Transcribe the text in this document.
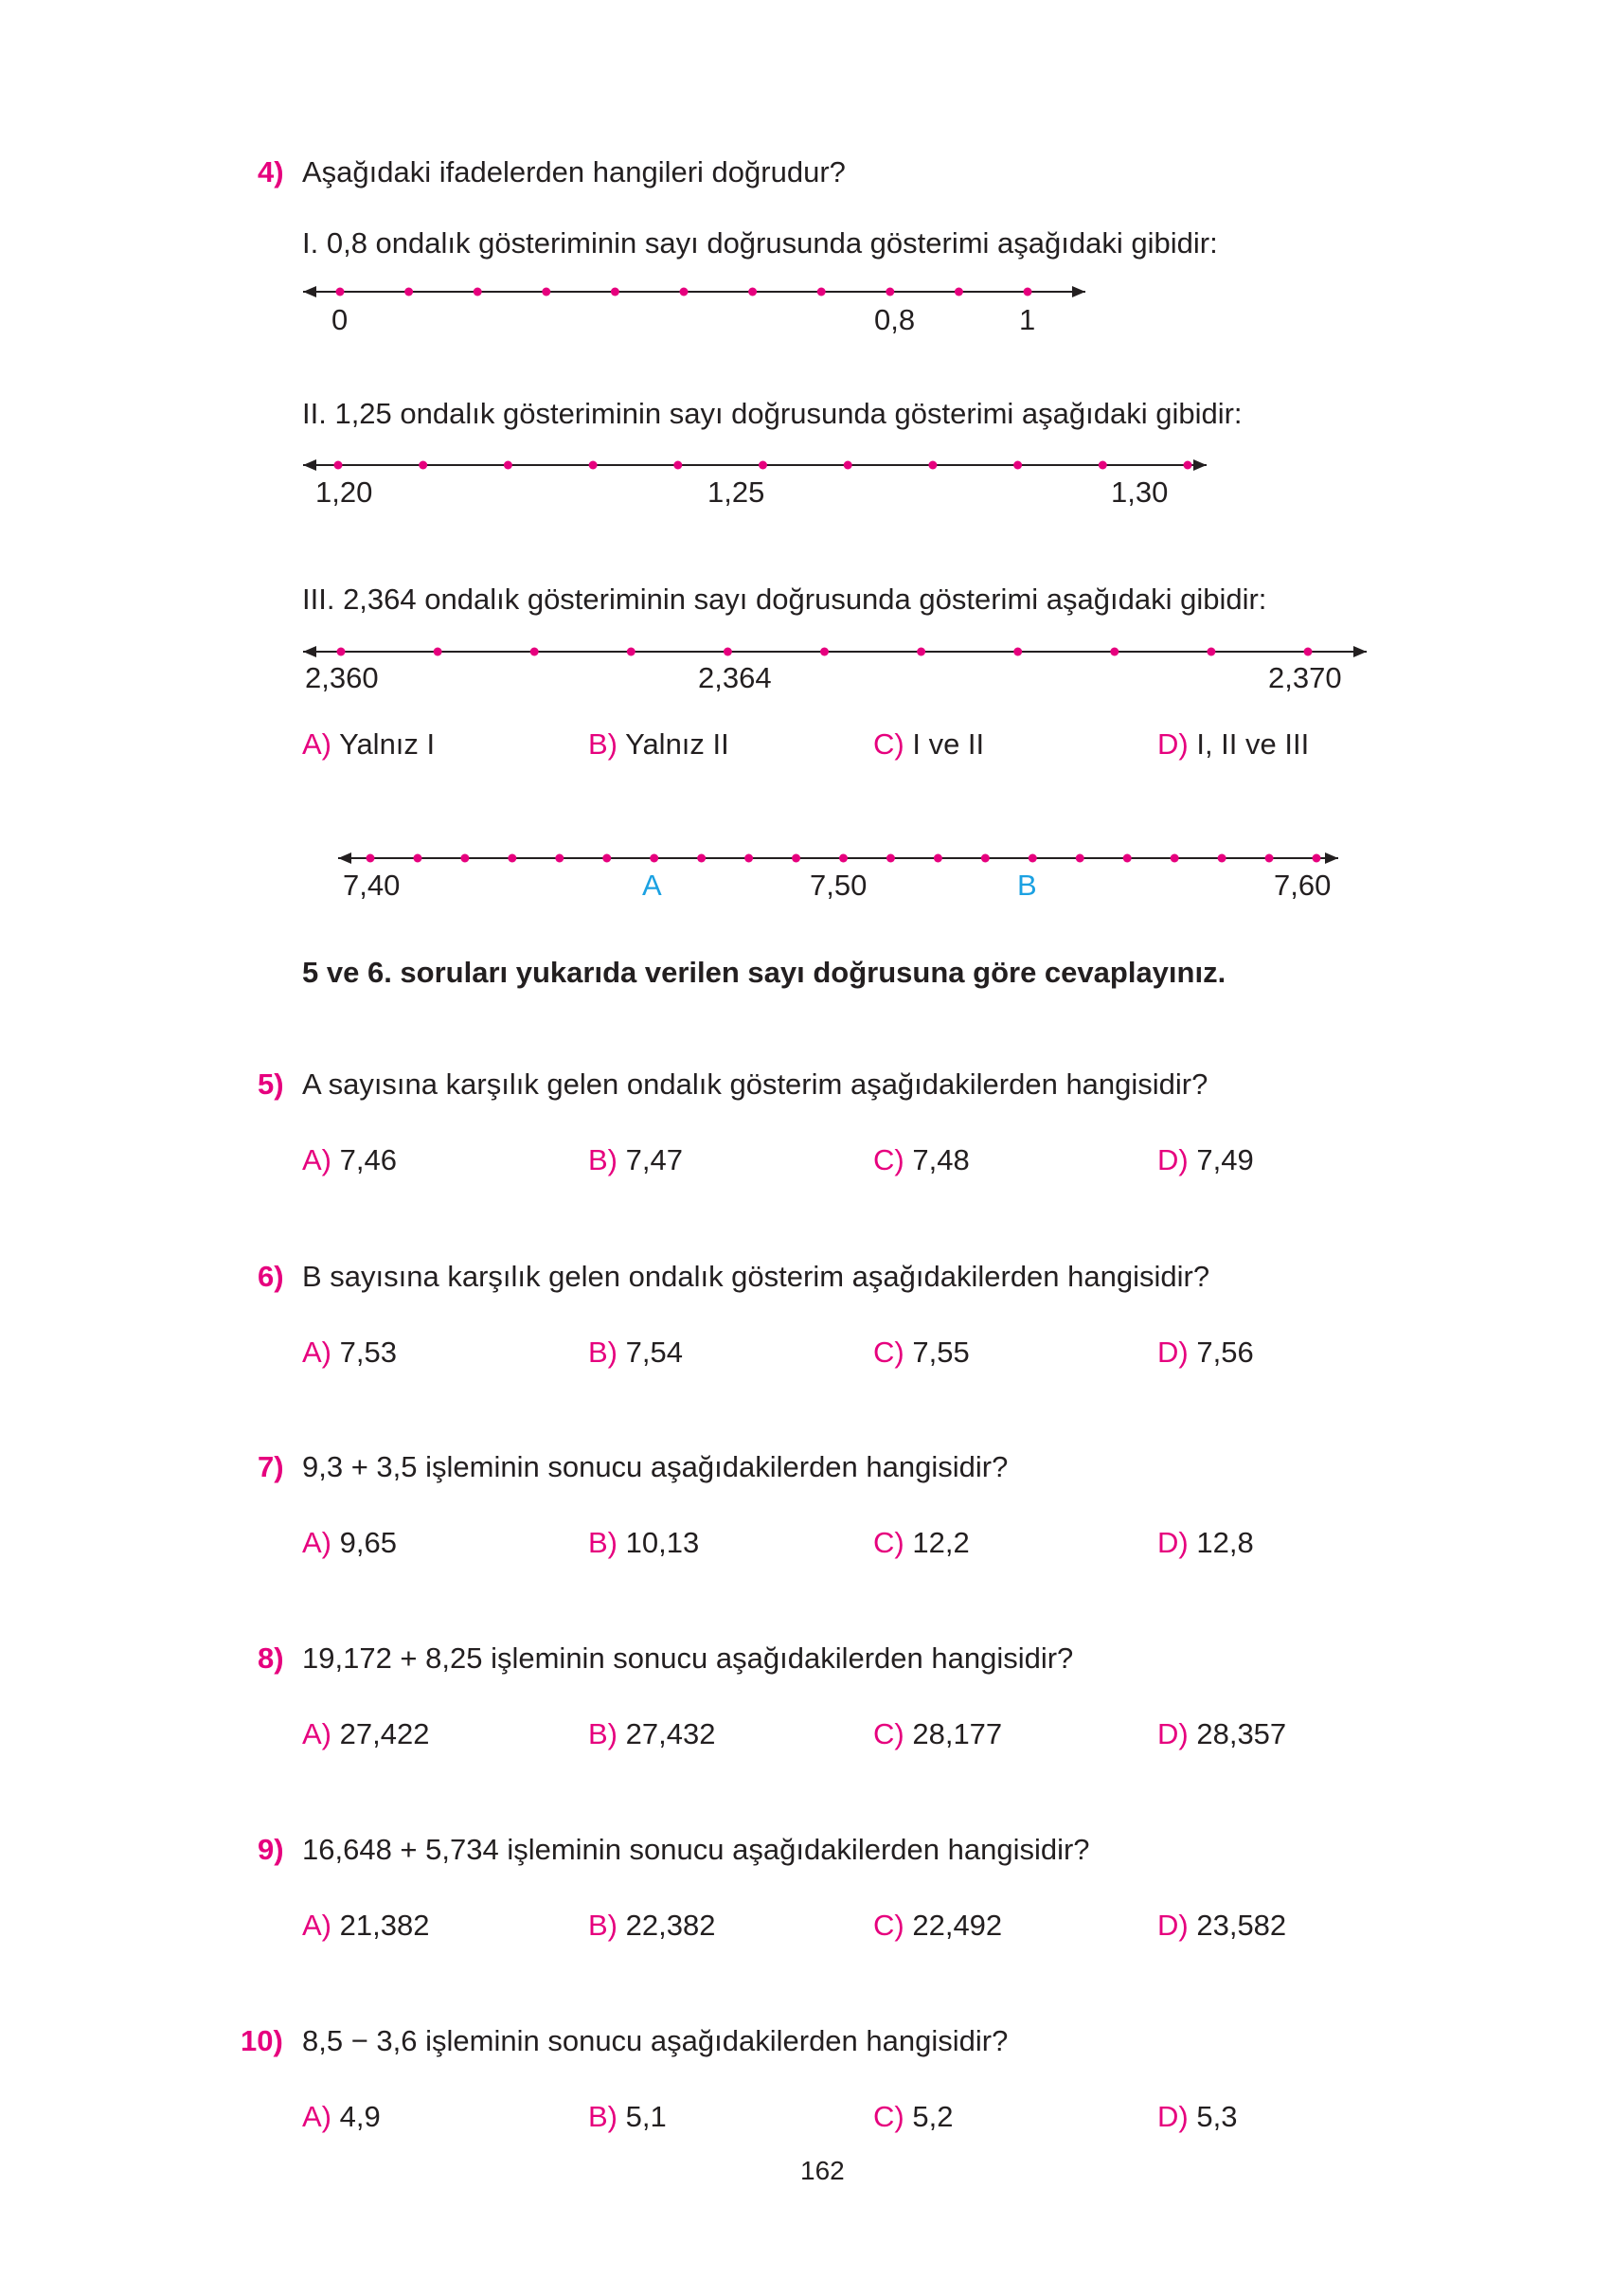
4) Aşağıdaki ifadelerden hangileri doğrudur?
I. 0,8 ondalık gösteriminin sayı doğrusunda gösterimi aşağıdaki gibidir:
0	0,8	1
II. 1,25 ondalık gösteriminin sayı doğrusunda gösterimi aşağıdaki gibidir:
1,20	1,25	1,30
III. 2,364 ondalık gösteriminin sayı doğrusunda gösterimi aşağıdaki gibidir:
2,360	2,364	2,370
A) Yalnız I	B) Yalnız II	C) I ve II	D) I, II ve III
7,40	A	7,50	B	7,60
5 ve 6. soruları yukarıda verilen sayı doğrusuna göre cevaplayınız.
5) A sayısına karşılık gelen ondalık gösterim aşağıdakilerden hangisidir?
A) 7,46	B) 7,47	C) 7,48	D) 7,49
6) B sayısına karşılık gelen ondalık gösterim aşağıdakilerden hangisidir?
A) 7,53	B) 7,54	C) 7,55	D) 7,56
7) 9,3 + 3,5 işleminin sonucu aşağıdakilerden hangisidir?
A) 9,65	B) 10,13	C) 12,2	D) 12,8
8) 19,172 + 8,25 işleminin sonucu aşağıdakilerden hangisidir?
A) 27,422	B) 27,432	C) 28,177	D) 28,357
9) 16,648 + 5,734 işleminin sonucu aşağıdakilerden hangisidir?
A) 21,382	B) 22,382	C) 22,492	D) 23,582
10) 8,5 − 3,6 işleminin sonucu aşağıdakilerden hangisidir?
A) 4,9	B) 5,1	C) 5,2	D) 5,3
162
